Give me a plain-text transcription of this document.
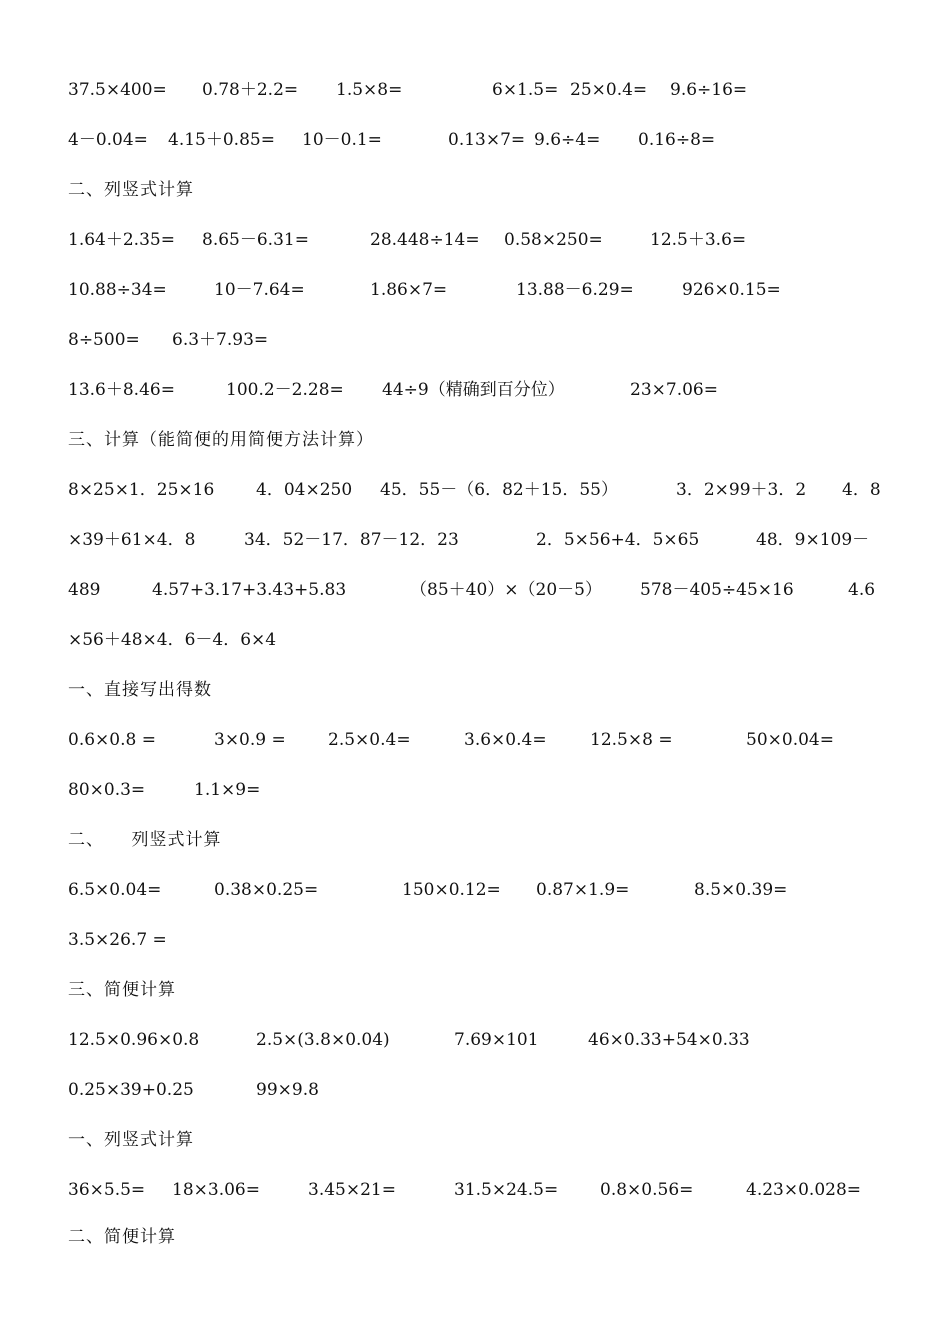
37.5×400= 0.78＋2.2= 1.5×8=	6×1.5= 25×0.4= 9.6÷16=
4－0.04= 4.15＋0.85= 10－0.1=	0.13×7= 9.6÷4= 0.16÷8=
二、列竖式计算
1.64＋2.35= 8.65－6.31=	28.448÷14= 0.58×250=	12.5＋3.6=
10.88÷34=	10－7.64=	1.86×7=	13.88－6.29=	926×0.15=
8÷500= 6.3＋7.93=
13.6＋8.46=	100.2－2.28= 44÷9（精确到百分位）	23×7.06=
三、计算（能简便的用简便方法计算）
8×25×1．25×16 4．04×250 45．55－（6．82＋15．55）	3．2×99＋3．2 4．8
×39＋61×4．8	34．52－17．87－12．23	2．5×56+4．5×65	48．9×109－
489	4.57+3.17+3.43+5.83	（85＋40）×（20－5） 578－405÷45×16	4.6
×56＋48×4．6－4．6×4
一、直接写出得数
0.6×0.8 =	3×0.9 = 2.5×0.4=	3.6×0.4=	12.5×8 =	50×0.04=
80×0.3=	1.1×9=
二、　　列竖式计算
6.5×0.04=	0.38×0.25=	150×0.12= 0.87×1.9=	8.5×0.39=
3.5×26.7 =
三、简便计算
12.5×0.96×0.8	2.5×(3.8×0.04)	7.69×101	46×0.33+54×0.33
0.25×39+0.25	99×9.8
一、列竖式计算
36×5.5= 18×3.06=	3.45×21=	31.5×24.5= 0.8×0.56=	4.23×0.028=
二、简便计算
